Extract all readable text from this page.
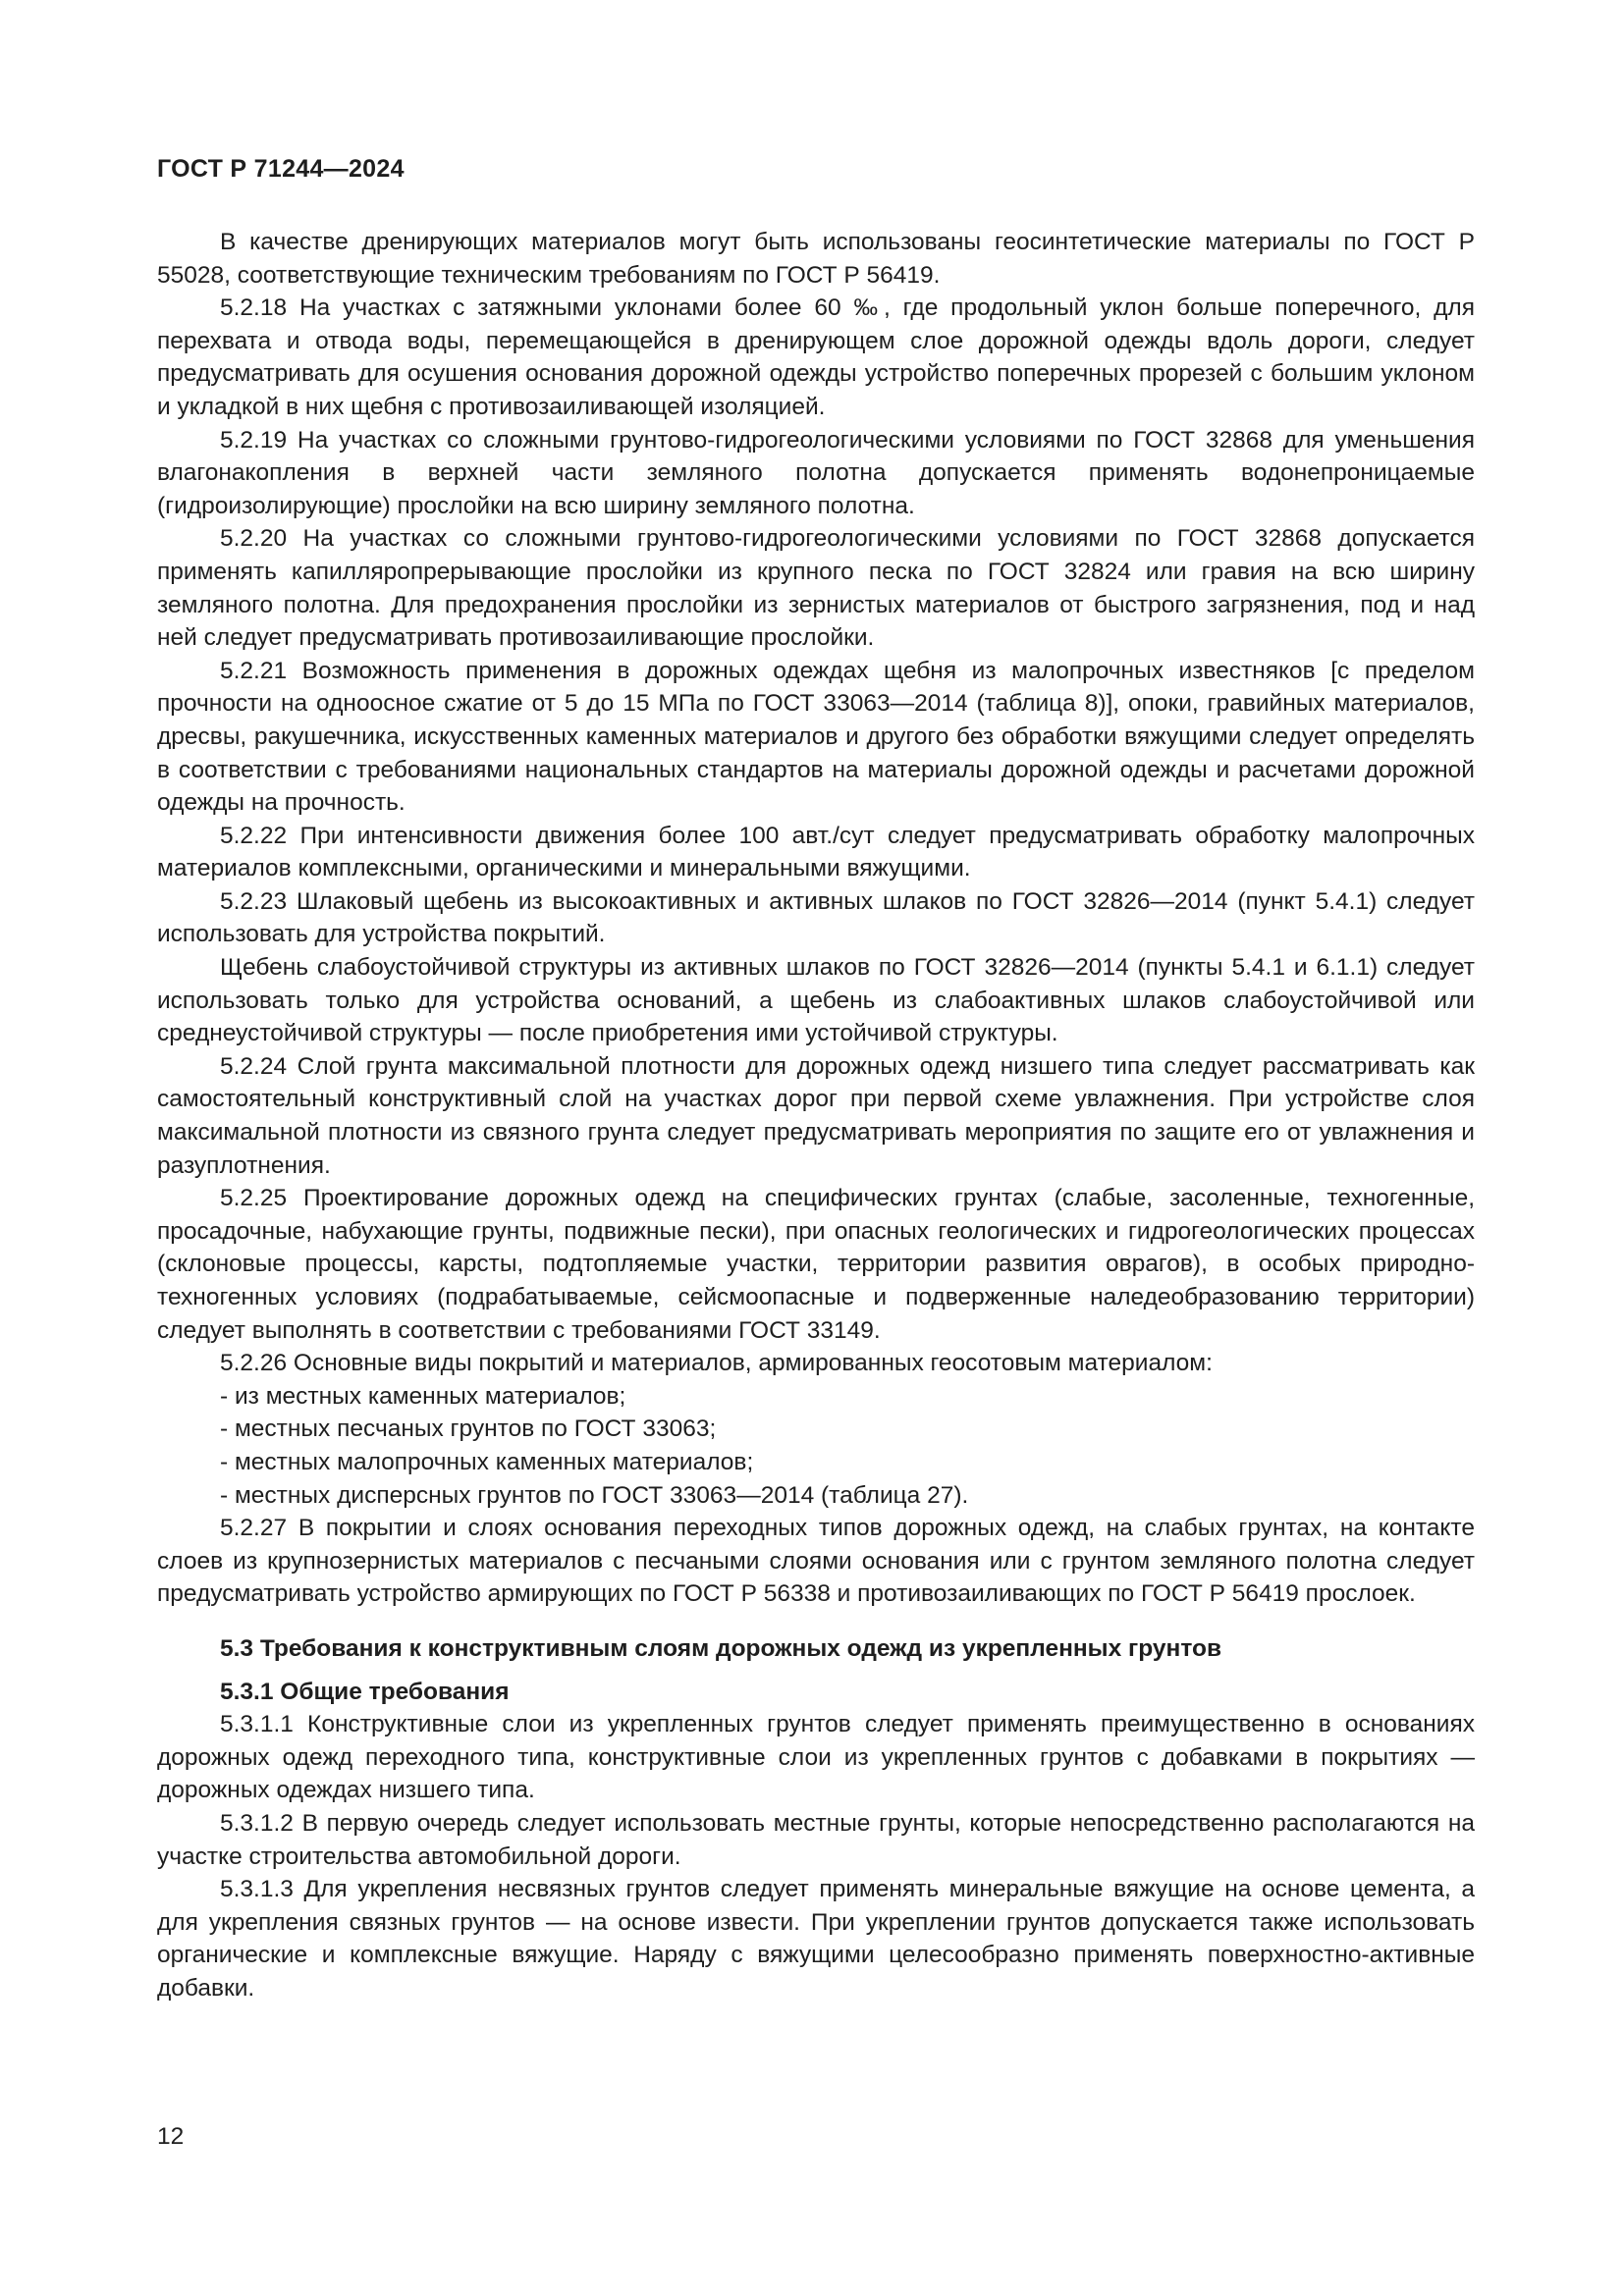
ГОСТ Р 71244—2024

В качестве дренирующих материалов могут быть использованы геосинтетические материалы по ГОСТ Р 55028, соответствующие техническим требованиям по ГОСТ Р 56419.

5.2.18 На участках с затяжными уклонами более 60 ‰, где продольный уклон больше поперечного, для перехвата и отвода воды, перемещающейся в дренирующем слое дорожной одежды вдоль дороги, следует предусматривать для осушения основания дорожной одежды устройство поперечных прорезей с большим уклоном и укладкой в них щебня с противозаиливающей изоляцией.

5.2.19 На участках со сложными грунтово-гидрогеологическими условиями по ГОСТ 32868 для уменьшения влагонакопления в верхней части земляного полотна допускается применять водонепроницаемые (гидроизолирующие) прослойки на всю ширину земляного полотна.

5.2.20 На участках со сложными грунтово-гидрогеологическими условиями по ГОСТ 32868 допускается применять капилляропрерывающие прослойки из крупного песка по ГОСТ 32824 или гравия на всю ширину земляного полотна. Для предохранения прослойки из зернистых материалов от быстрого загрязнения, под и над ней следует предусматривать противозаиливающие прослойки.

5.2.21 Возможность применения в дорожных одеждах щебня из малопрочных известняков [с пределом прочности на одноосное сжатие от 5 до 15 МПа по ГОСТ 33063—2014 (таблица 8)], опоки, гравийных материалов, дресвы, ракушечника, искусственных каменных материалов и другого без обработки вяжущими следует определять в соответствии с требованиями национальных стандартов на материалы дорожной одежды и расчетами дорожной одежды на прочность.

5.2.22 При интенсивности движения более 100 авт./сут следует предусматривать обработку малопрочных материалов комплексными, органическими и минеральными вяжущими.

5.2.23 Шлаковый щебень из высокоактивных и активных шлаков по ГОСТ 32826—2014 (пункт 5.4.1) следует использовать для устройства покрытий.

Щебень слабоустойчивой структуры из активных шлаков по ГОСТ 32826—2014 (пункты 5.4.1 и 6.1.1) следует использовать только для устройства оснований, а щебень из слабоактивных шлаков слабоустойчивой или среднеустойчивой структуры — после приобретения ими устойчивой структуры.

5.2.24 Слой грунта максимальной плотности для дорожных одежд низшего типа следует рассматривать как самостоятельный конструктивный слой на участках дорог при первой схеме увлажнения. При устройстве слоя максимальной плотности из связного грунта следует предусматривать мероприятия по защите его от увлажнения и разуплотнения.

5.2.25 Проектирование дорожных одежд на специфических грунтах (слабые, засоленные, техногенные, просадочные, набухающие грунты, подвижные пески), при опасных геологических и гидрогеологических процессах (склоновые процессы, карсты, подтопляемые участки, территории развития оврагов), в особых природно-техногенных условиях (подрабатываемые, сейсмоопасные и подверженные наледеобразованию территории) следует выполнять в соответствии с требованиями ГОСТ 33149.

5.2.26 Основные виды покрытий и материалов, армированных геосотовым материалом:

- из местных каменных материалов;

- местных песчаных грунтов по ГОСТ 33063;

- местных малопрочных каменных материалов;

- местных дисперсных грунтов по ГОСТ 33063—2014 (таблица 27).

5.2.27 В покрытии и слоях основания переходных типов дорожных одежд, на слабых грунтах, на контакте слоев из крупнозернистых материалов с песчаными слоями основания или с грунтом земляного полотна следует предусматривать устройство армирующих по ГОСТ Р 56338 и противозаиливающих по ГОСТ Р 56419 прослоек.

5.3 Требования к конструктивным слоям дорожных одежд из укрепленных грунтов
5.3.1 Общие требования

5.3.1.1 Конструктивные слои из укрепленных грунтов следует применять преимущественно в основаниях дорожных одежд переходного типа, конструктивные слои из укрепленных грунтов с добавками в покрытиях — дорожных одеждах низшего типа.

5.3.1.2 В первую очередь следует использовать местные грунты, которые непосредственно располагаются на участке строительства автомобильной дороги.

5.3.1.3 Для укрепления несвязных грунтов следует применять минеральные вяжущие на основе цемента, а для укрепления связных грунтов — на основе извести. При укреплении грунтов допускается также использовать органические и комплексные вяжущие. Наряду с вяжущими целесообразно применять поверхностно-активные добавки.

12
